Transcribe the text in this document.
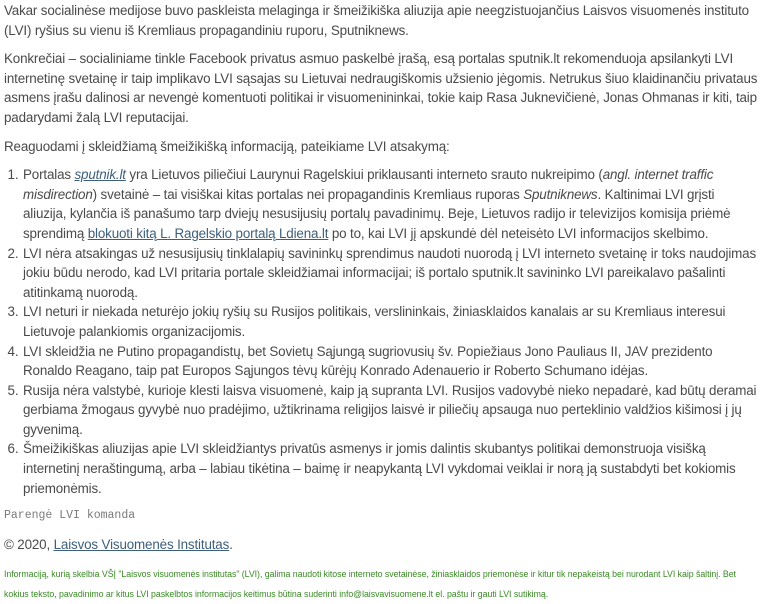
Vakar socialinėse medijose buvo paskleista melaginga ir šmeižikiška aliuzija apie neegzistuojančius Laisvos visuomenės instituto (LVI) ryšius su vienu iš Kremliaus propagandiniu ruporu, Sputniknews.

Konkrečiai – socialiniame tinkle Facebook privatus asmuo paskelbė įrašą, esą portalas sputnik.lt rekomenduoja apsilankyti LVI internetinę svetainę ir taip implikavo LVI sąsajas su Lietuvai nedraugiškomis užsienio jėgomis. Netrukus šiuo klaidinančiu privataus asmens įrašu dalinosi ar nevengė komentuoti politikai ir visuomenininkai, tokie kaip Rasa Juknevičienė, Jonas Ohmanas ir kiti, taip padarydami žalą LVI reputacijai.

Reaguodami į skleidžiamą šmeižikišką informaciją, pateikiame LVI atsakymą:

1. Portalas sputnik.lt yra Lietuvos piliečiui Laurynui Ragelskiui priklausanti interneto srauto nukreipimo (angl. internet traffic misdirection) svetainė – tai visiškai kitas portalas nei propagandinis Kremliaus ruporas Sputniknews. Kaltinimai LVI grįsti aliuzija, kylančia iš panašumo tarp dviejų nesusijusių portalų pavadinimų. Beje, Lietuvos radijo ir televizijos komisija priėmė sprendimą blokuoti kitą L. Ragelskio portalą Ldiena.lt po to, kai LVI jį apskundė dėl neteisėto LVI informacijos skelbimo.
2. LVI nėra atsakingas už nesusijusių tinklalapių savininkų sprendimus naudoti nuorodą į LVI interneto svetainę ir toks naudojimas jokiu būdu nerodo, kad LVI pritaria portale skleidžiamai informacijai; iš portalo sputnik.lt savininko LVI pareikalavo pašalinti atitinkamą nuorodą.
3. LVI neturi ir niekada neturėjo jokių ryšių su Rusijos politikais, verslininkais, žiniasklaidos kanalais ar su Kremliaus interesui Lietuvoje palankiomis organizacijomis.
4. LVI skleidžia ne Putino propagandistų, bet Sovietų Sąjungą sugriovusių šv. Popiežiaus Jono Pauliaus II, JAV prezidento Ronaldo Reagano, taip pat Europos Sąjungos tėvų kūrėjų Konrado Adenauerio ir Roberto Schumano idėjas.
5. Rusija nėra valstybė, kurioje klesti laisva visuomenė, kaip ją supranta LVI. Rusijos vadovybė nieko nepadarė, kad būtų deramai gerbiama žmogaus gyvybė nuo pradėjimo, užtikrinama religijos laisvė ir piliečių apsauga nuo perteklinio valdžios kišimosi į jų gyvenimą.
6. Šmeižikiškas aliuzijas apie LVI skleidžiantys privatūs asmenys ir jomis dalintis skubantys politikai demonstruoja visišką internetinį neraštingumą, arba – labiau tikėtina – baimę ir neapykantą LVI vykdomai veiklai ir norą ją sustabdyti bet kokiomis priemonėmis.

Parengė LVI komanda

© 2020, Laisvos Visuomenės Institutas.

Informaciją, kurią skelbia VŠĮ "Laisvos visuomenės institutas" (LVI), galima naudoti kitose interneto svetainėse, žiniasklaidos priemonėse ir kitur tik nepakeistą bei nurodant LVI kaip šaltinį. Bet kokius teksto, pavadinimo ar kitus LVI paskelbtos informacijos keitimus būtina suderinti info@laisvavisuomene.lt el. paštu ir gauti LVI sutikimą.
